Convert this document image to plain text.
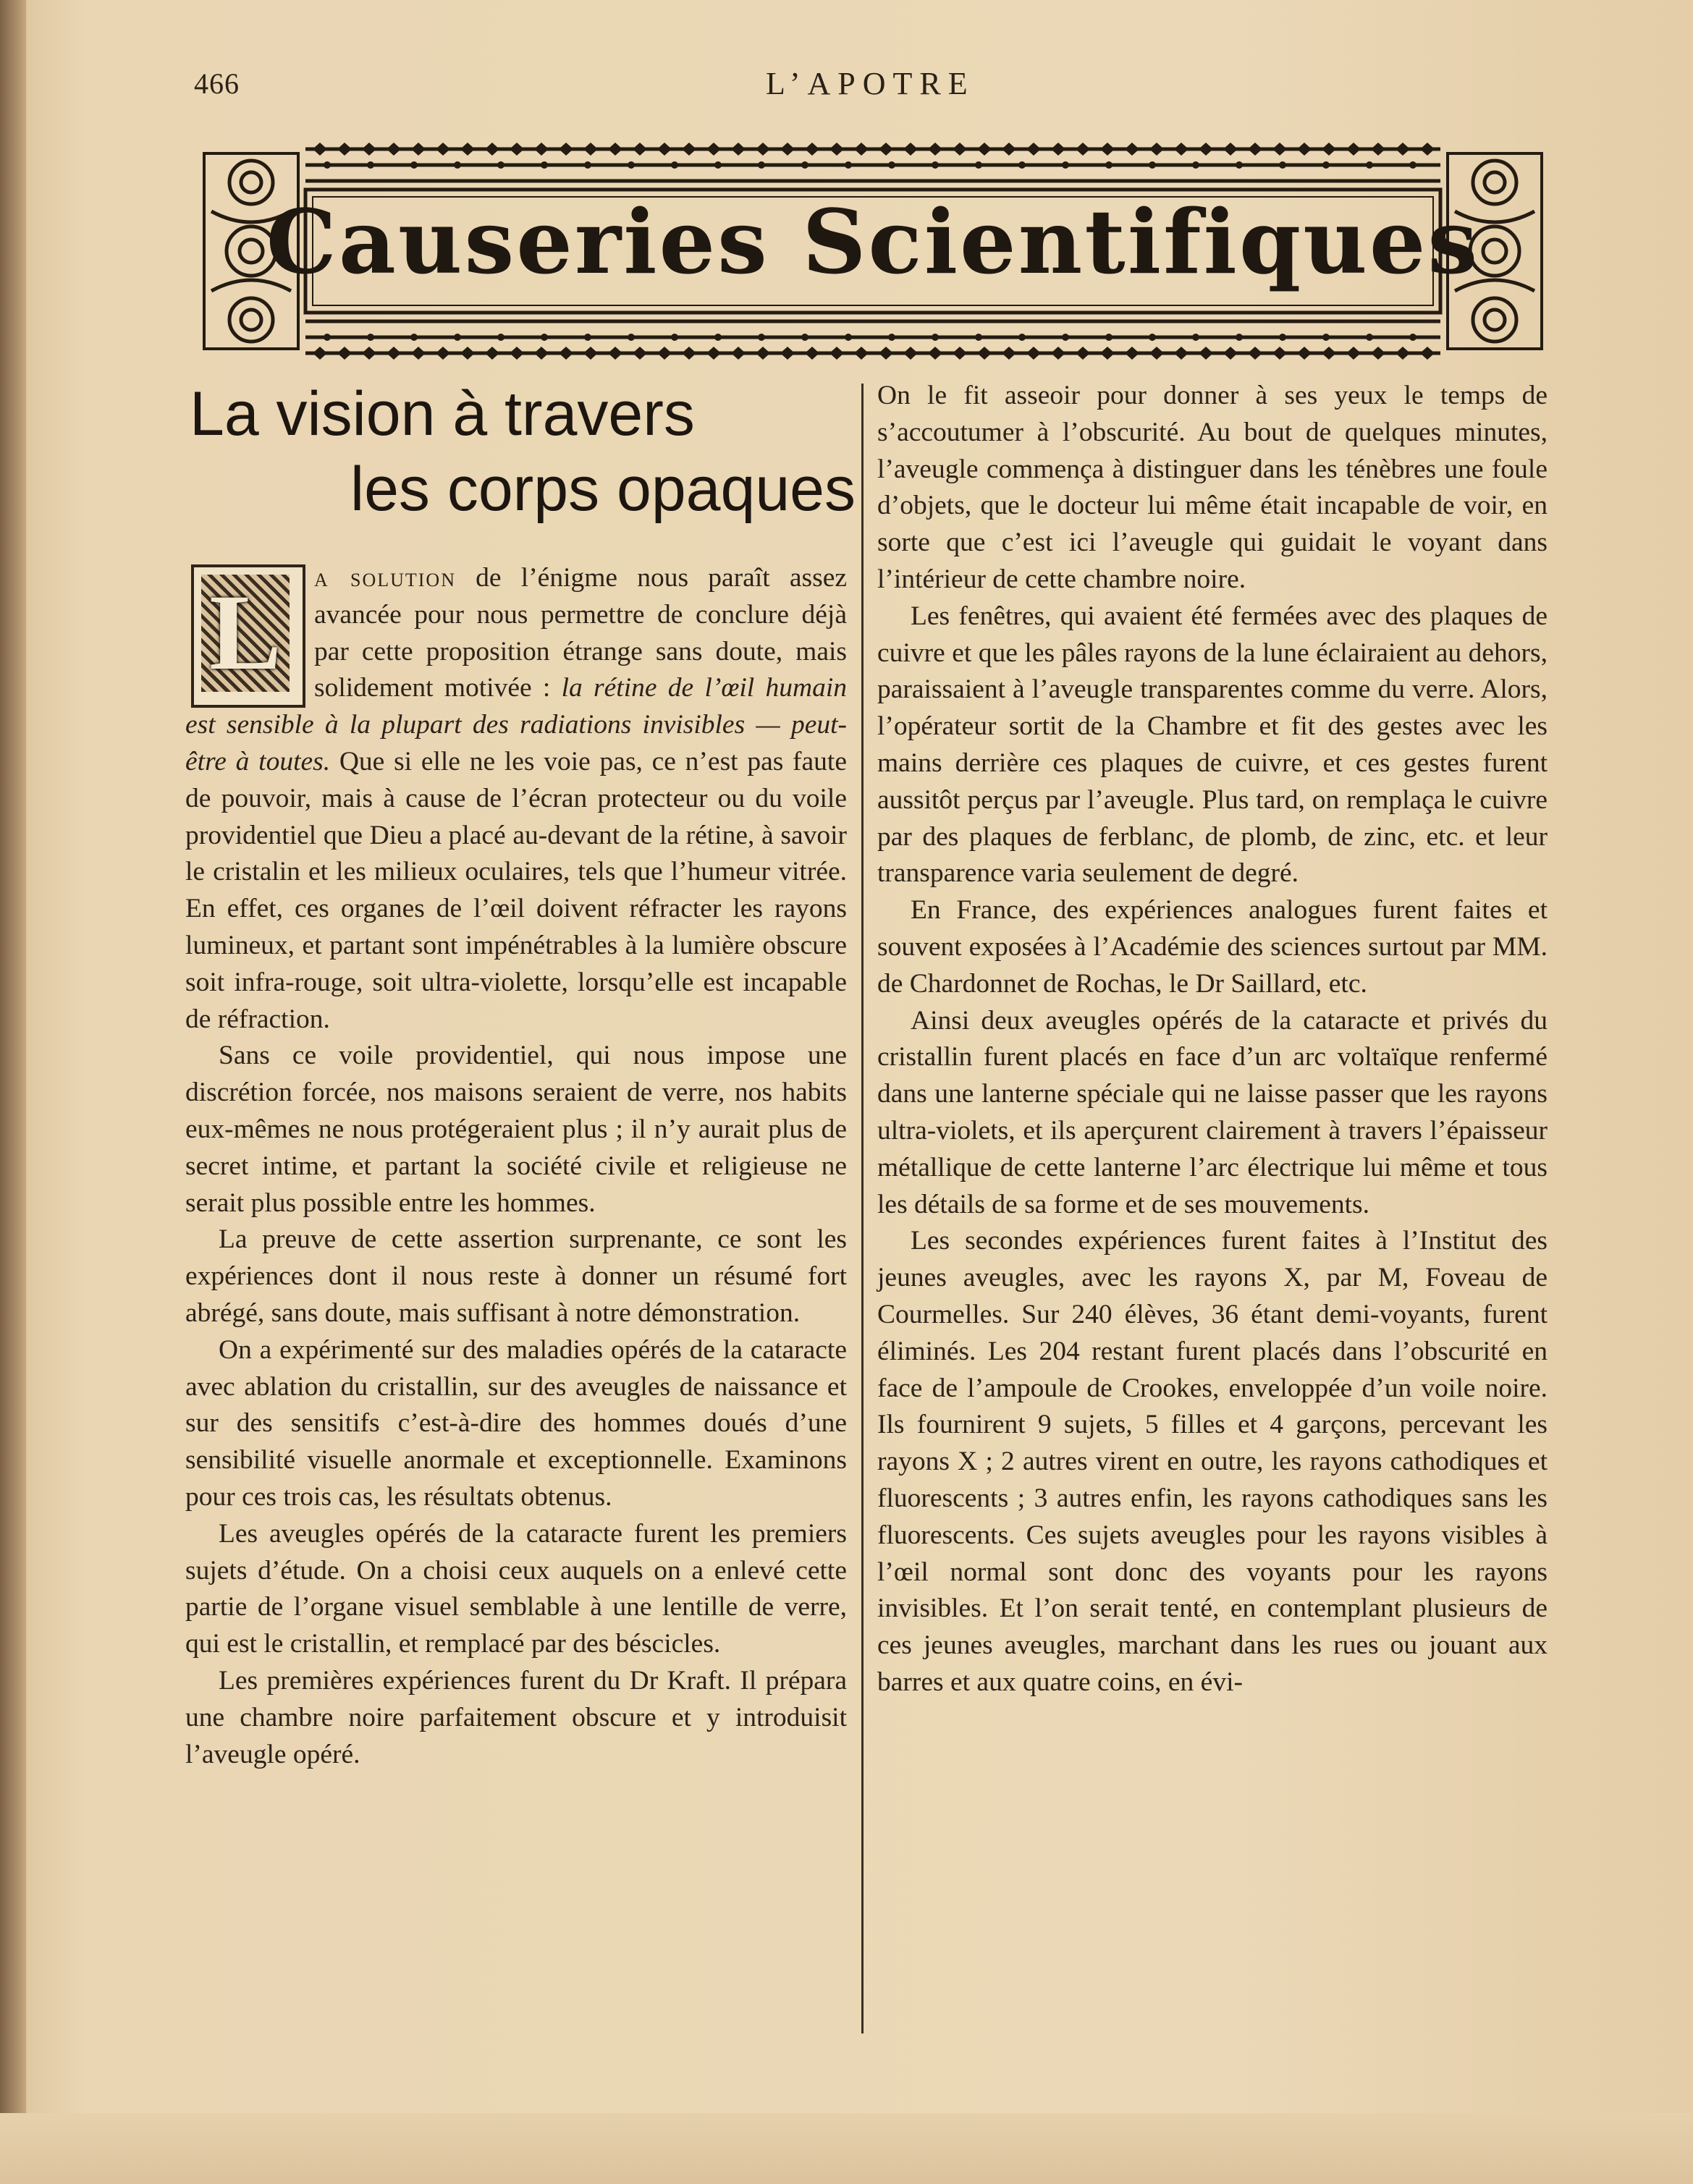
466	L’APOTRE
Causeries Scientifiques
La vision à travers
les corps opaques

a solution de l’énigme nous paraît assez avancée pour nous permettre de conclure déjà par cette proposition étrange sans doute, mais solidement motivée : la rétine de l’œil humain est sensible à la plupart des radiations invisibles — peut-être à toutes. Que si elle ne les voie pas, ce n’est pas faute de pouvoir, mais à cause de l’écran protecteur ou du voile providentiel que Dieu a placé au-devant de la rétine, à savoir le cristalin et les milieux oculaires, tels que l’humeur vitrée. En effet, ces organes de l’œil doivent réfracter les rayons lumineux, et partant sont impénétrables à la lumière obscure soit infra-rouge, soit ultra-violette, lorsqu’elle est incapable de réfraction.

Sans ce voile providentiel, qui nous impose une discrétion forcée, nos maisons seraient de verre, nos habits eux-mêmes ne nous protégeraient plus ; il n’y aurait plus de secret intime, et partant la société civile et religieuse ne serait plus possible entre les hommes.

La preuve de cette assertion surprenante, ce sont les expériences dont il nous reste à donner un résumé fort abrégé, sans doute, mais suffisant à notre démonstration.

On a expérimenté sur des maladies opérés de la cataracte avec ablation du cristallin, sur des aveugles de naissance et sur des sensitifs c’est-à-dire des hommes doués d’une sensibilité visuelle anormale et exceptionnelle. Examinons pour ces trois cas, les résultats obtenus.

Les aveugles opérés de la cataracte furent les premiers sujets d’étude. On a choisi ceux auquels on a enlevé cette partie de l’organe visuel semblable à une lentille de verre, qui est le cristallin, et remplacé par des béscicles.

Les premières expériences furent du Dr Kraft. Il prépara une chambre noire parfaitement obscure et y introduisit l’aveugle opéré.

L

On le fit asseoir pour donner à ses yeux le temps de s’accoutumer à l’obscurité. Au bout de quelques minutes, l’aveugle commença à distinguer dans les ténèbres une foule d’objets, que le docteur lui même était incapable de voir, en sorte que c’est ici l’aveugle qui guidait le voyant dans l’intérieur de cette chambre noire.

Les fenêtres, qui avaient été fermées avec des plaques de cuivre et que les pâles rayons de la lune éclairaient au dehors, paraissaient à l’aveugle transparentes comme du verre. Alors, l’opérateur sortit de la Chambre et fit des gestes avec les mains derrière ces plaques de cuivre, et ces gestes furent aussitôt perçus par l’aveugle. Plus tard, on remplaça le cuivre par des plaques de ferblanc, de plomb, de zinc, etc. et leur transparence varia seulement de degré.

En France, des expériences analogues furent faites et souvent exposées à l’Académie des sciences surtout par MM. de Chardonnet de Rochas, le Dr Saillard, etc.

Ainsi deux aveugles opérés de la cataracte et privés du cristallin furent placés en face d’un arc voltaïque renfermé dans une lanterne spéciale qui ne laisse passer que les rayons ultra-violets, et ils aperçurent clairement à travers l’épaisseur métallique de cette lanterne l’arc électrique lui même et tous les détails de sa forme et de ses mouvements.

Les secondes expériences furent faites à l’Institut des jeunes aveugles, avec les rayons X, par M, Foveau de Courmelles. Sur 240 élèves, 36 étant demi-voyants, furent éliminés. Les 204 restant furent placés dans l’obscurité en face de l’ampoule de Crookes, enveloppée d’un voile noire. Ils fournirent 9 sujets, 5 filles et 4 garçons, percevant les rayons X ; 2 autres virent en outre, les rayons cathodiques et fluorescents ; 3 autres enfin, les rayons cathodiques sans les fluorescents. Ces sujets aveugles pour les rayons visibles à l’œil normal sont donc des voyants pour les rayons invisibles. Et l’on serait tenté, en contemplant plusieurs de ces jeunes aveugles, marchant dans les rues ou jouant aux barres et aux quatre coins, en évi-
